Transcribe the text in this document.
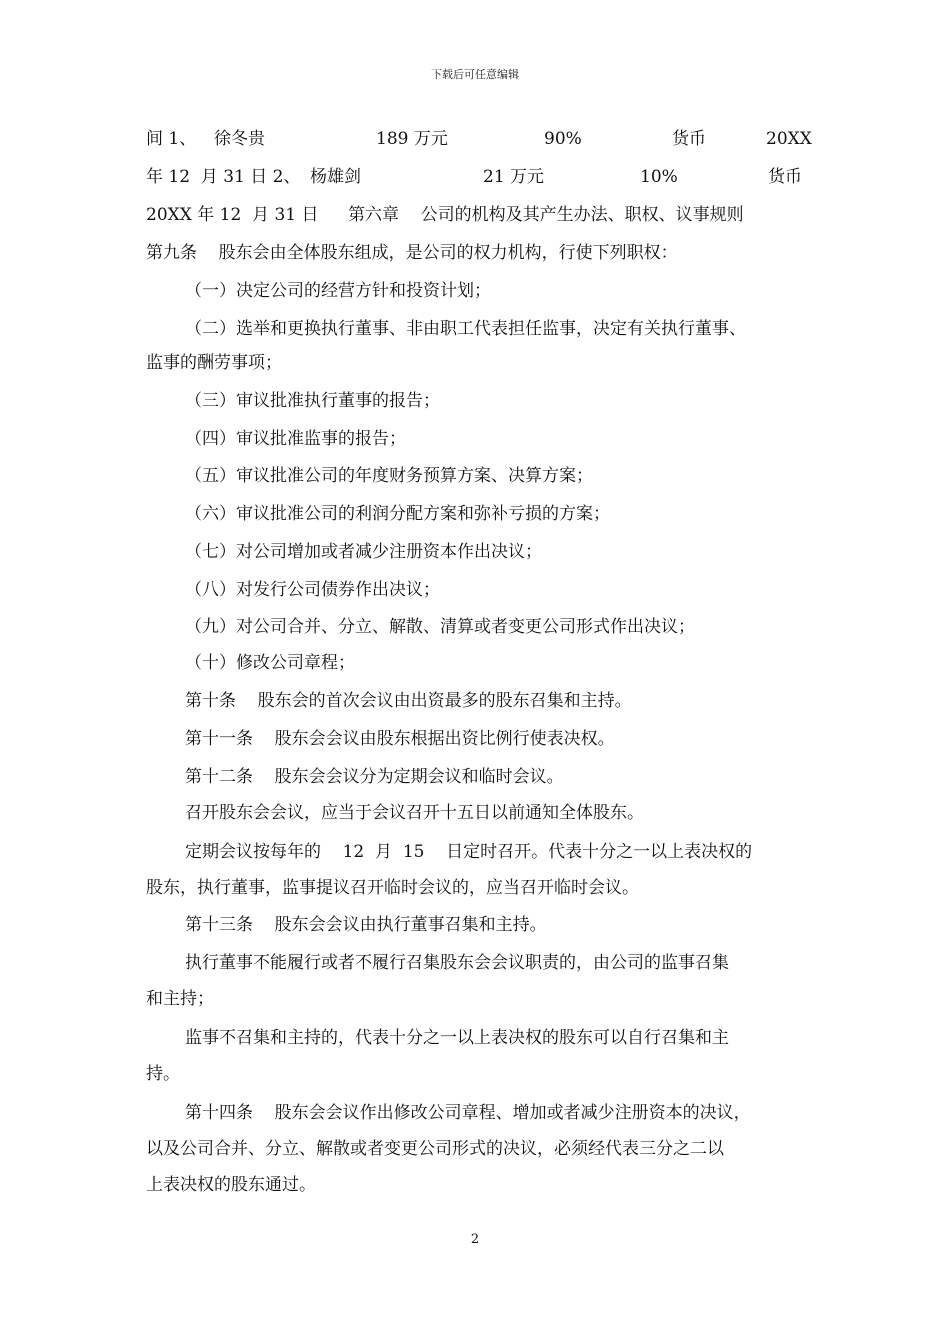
下载后可任意编辑
间 1、 徐冬贵	189 万元	90%	货币	20XX
年 12  月 31 日 2、 杨雄剑	21 万元	10%	货币
20XX 年 12  月 31 日 第六章    公司的机构及其产生办法、职权、议事规则
第九条    股东会由全体股东组成，是公司的权力机构，行使下列职权：
（一）决定公司的经营方针和投资计划；
（二）选举和更换执行董事、非由职工代表担任监事，决定有关执行董事、
监事的酬劳事项；
（三）审议批准执行董事的报告；
（四）审议批准监事的报告；
（五）审议批准公司的年度财务预算方案、决算方案；
（六）审议批准公司的利润分配方案和弥补亏损的方案；
（七）对公司增加或者减少注册资本作出决议；
（八）对发行公司债券作出决议；
（九）对公司合并、分立、解散、清算或者变更公司形式作出决议；
（十）修改公司章程；
第十条    股东会的首次会议由出资最多的股东召集和主持。
第十一条    股东会会议由股东根据出资比例行使表决权。
第十二条    股东会会议分为定期会议和临时会议。
召开股东会会议，应当于会议召开十五日以前通知全体股东。
定期会议按每年的    12  月  15    日定时召开。代表十分之一以上表决权的
股东，执行董事，监事提议召开临时会议的，应当召开临时会议。
第十三条    股东会会议由执行董事召集和主持。
执行董事不能履行或者不履行召集股东会会议职责的，由公司的监事召集
和主持；
监事不召集和主持的，代表十分之一以上表决权的股东可以自行召集和主
持。
第十四条    股东会会议作出修改公司章程、增加或者减少注册资本的决议，
以及公司合并、分立、解散或者变更公司形式的决议，必须经代表三分之二以
上表决权的股东通过。
2
